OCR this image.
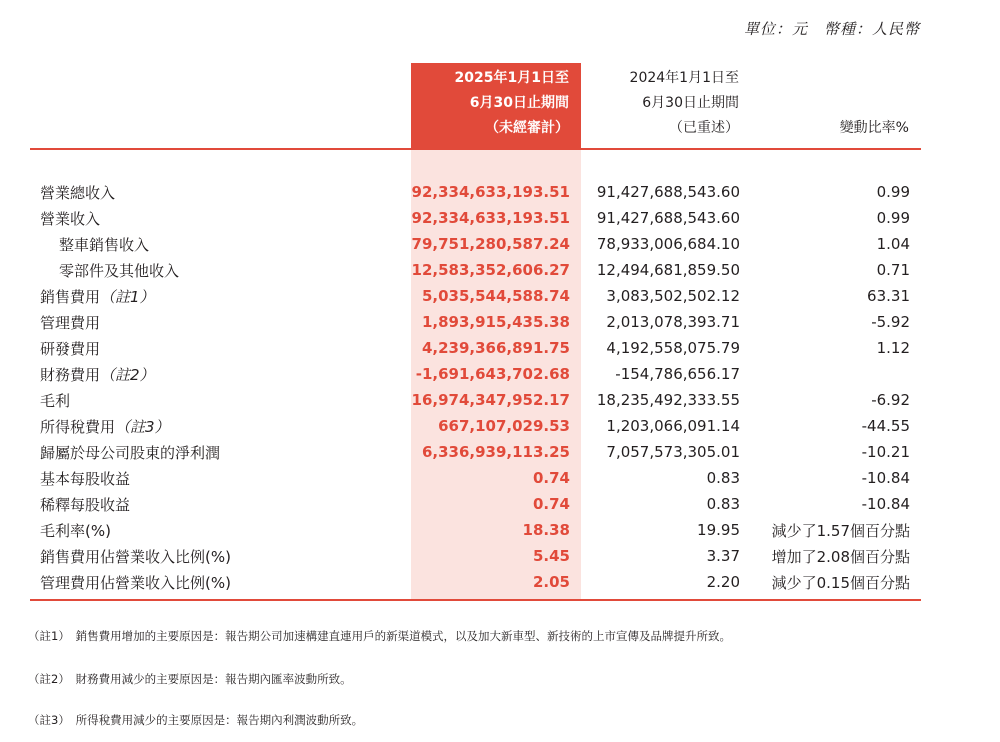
單位：元　幣種：人民幣
2025年1月1日至
6月30日止期間
（未經審計）
2024年1月1日至
6月30日止期間
（已重述）	變動比率%
營業總收入	92,334,633,193.51	91,427,688,543.60	0.99
營業收入	92,334,633,193.51	91,427,688,543.60	0.99
整車銷售收入	79,751,280,587.24	78,933,006,684.10	1.04
零部件及其他收入	12,583,352,606.27	12,494,681,859.50	0.71
銷售費用（註1）	5,035,544,588.74	3,083,502,502.12	63.31
管理費用	1,893,915,435.38	2,013,078,393.71	-5.92
研發費用	4,239,366,891.75	4,192,558,075.79	1.12
財務費用（註2）	-1,691,643,702.68	-154,786,656.17
毛利	16,974,347,952.17	18,235,492,333.55	-6.92
所得稅費用（註3）	667,107,029.53	1,203,066,091.14	-44.55
歸屬於母公司股東的淨利潤	6,336,939,113.25	7,057,573,305.01	-10.21
基本每股收益	0.74	0.83	-10.84
稀釋每股收益	0.74	0.83	-10.84
毛利率(%)	18.38	19.95	減少了1.57個百分點
銷售費用佔營業收入比例(%)	5.45	3.37	增加了2.08個百分點
管理費用佔營業收入比例(%)	2.05	2.20	減少了0.15個百分點
（註1）　銷售費用增加的主要原因是：報告期公司加速構建直連用戶的新渠道模式，以及加大新車型、新技術的上市宣傳及品牌提升所致。
（註2）　財務費用減少的主要原因是：報告期內匯率波動所致。
（註3）　所得稅費用減少的主要原因是：報告期內利潤波動所致。
